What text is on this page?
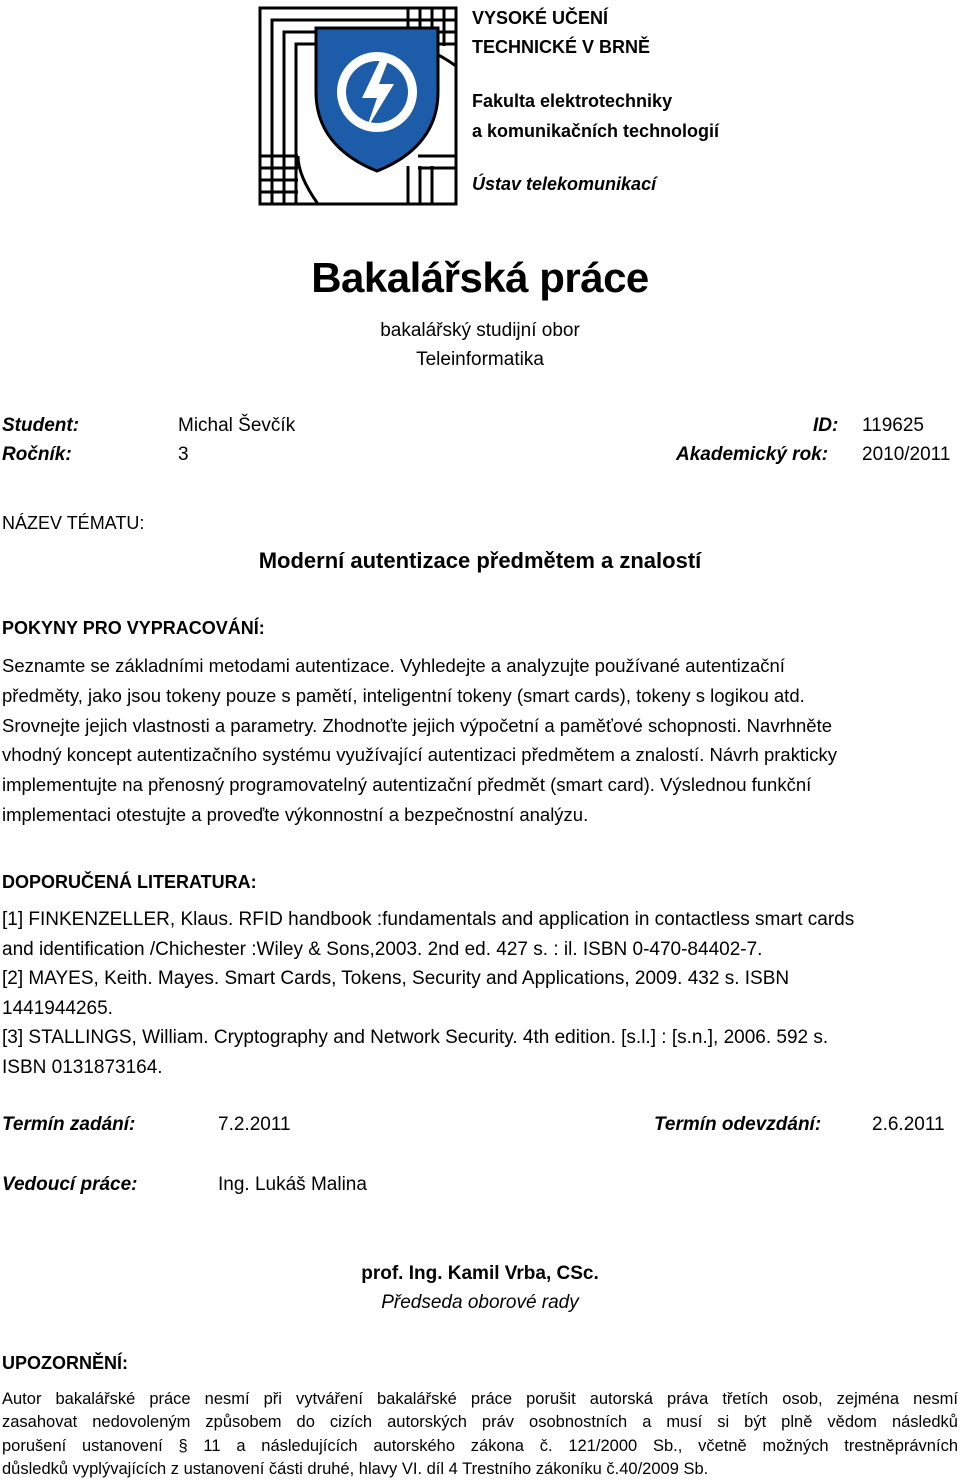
VYSOKÉ UČENÍ
TECHNICKÉ V BRNĚ
Fakulta elektrotechniky
a komunikačních technologií
Ústav telekomunikací
Bakalářská práce
bakalářský studijní obor
Teleinformatika
Student:	Michal Ševčík	ID: 119625
Ročník:	3	Akademický rok: 2010/2011
NÁZEV TÉMATU:
Moderní autentizace předmětem a znalostí
POKYNY PRO VYPRACOVÁNÍ:
Seznamte se základními metodami autentizace. Vyhledejte a analyzujte používané autentizační
předměty, jako jsou tokeny pouze s pamětí, inteligentní tokeny (smart cards), tokeny s logikou atd.
Srovnejte jejich vlastnosti a parametry. Zhodnoťte jejich výpočetní a paměťové schopnosti. Navrhněte
vhodný koncept autentizačního systému využívající autentizaci předmětem a znalostí. Návrh prakticky
implementujte na přenosný programovatelný autentizační předmět (smart card). Výslednou funkční
implementaci otestujte a proveďte výkonnostní a bezpečnostní analýzu.
DOPORUČENÁ LITERATURA:
[1] FINKENZELLER, Klaus. RFID handbook :fundamentals and application in contactless smart cards
and identification /Chichester :Wiley & Sons,2003. 2nd ed. 427 s. : il. ISBN 0-470-84402-7.
[2] MAYES, Keith. Mayes. Smart Cards, Tokens, Security and Applications, 2009. 432 s. ISBN
1441944265.
[3] STALLINGS, William. Cryptography and Network Security. 4th edition. [s.l.] : [s.n.], 2006. 592 s.
ISBN 0131873164.
Termín zadání:	7.2.2011	Termín odevzdání:	2.6.2011
Vedoucí práce:	Ing. Lukáš Malina
prof. Ing. Kamil Vrba, CSc.
Předseda oborové rady
UPOZORNĚNÍ:
Autor bakalářské práce nesmí při vytváření bakalářské práce porušit autorská práva třetích osob, zejména nesmí
zasahovat nedovoleným způsobem do cizích autorských práv osobnostních a musí si být plně vědom následků
porušení ustanovení § 11 a následujících autorského zákona č. 121/2000 Sb., včetně možných trestněprávních
důsledků vyplývajících z ustanovení části druhé, hlavy VI. díl 4 Trestního zákoníku č.40/2009 Sb.
